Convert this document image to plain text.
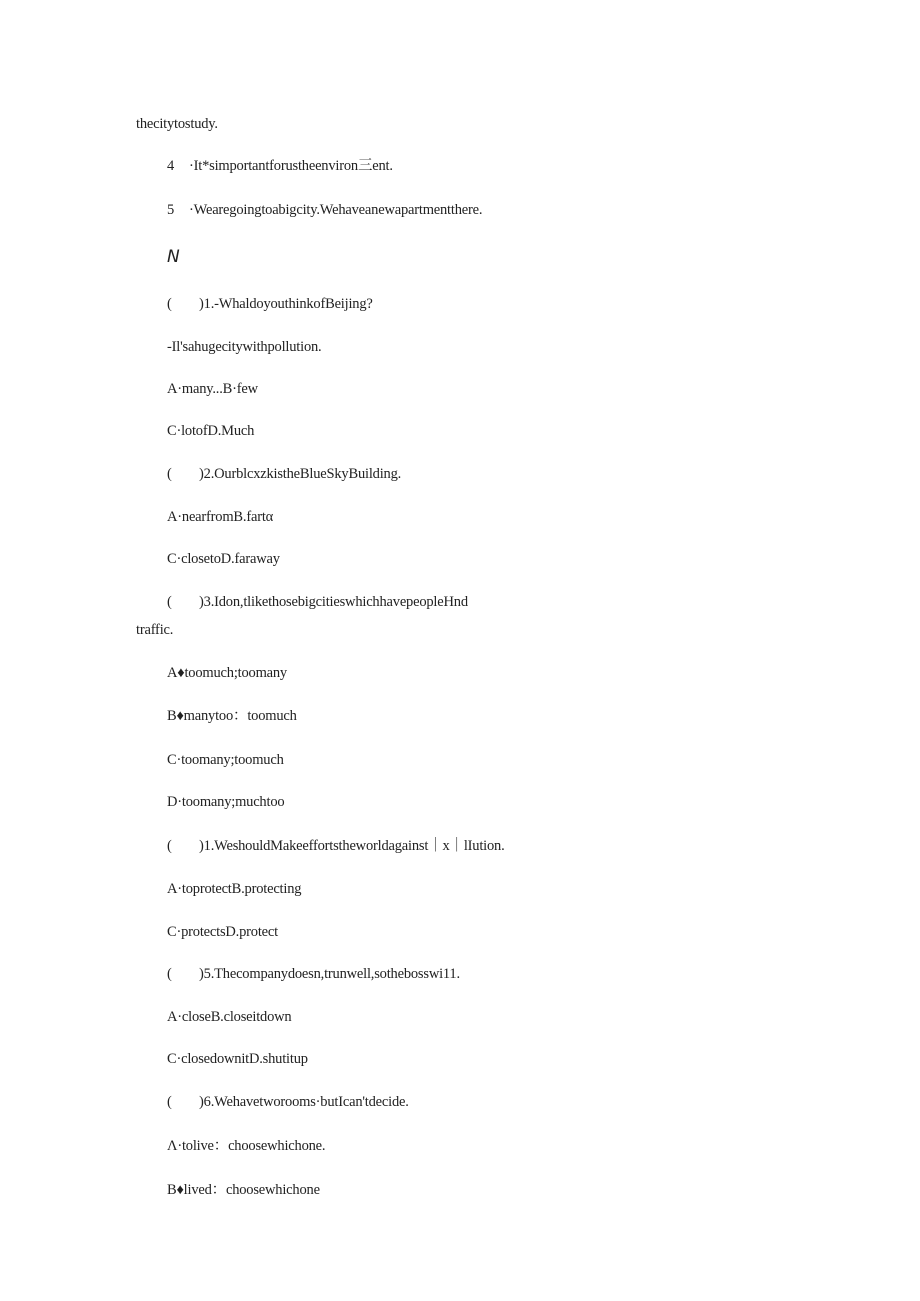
thecitytostudy.
4 ·It*simportantforustheenviron三ent.
5 ·Wearegoingtoabigcity.Wehaveanewapartmentthere.
Ν
(        )1.-WhaldoyouthinkofBeijing?
-Il'sahugecitywithpollution.
A·many...B·few
C·lotofD.Much
(        )2.OurblcxzkistheBlueSkyBuilding.
A·nearfromB.fartα
C·closetoD.faraway
(        )3.Idon,tlikethosebigcitieswhichhavepeopleHnd
traffic.
A♦toomuch;toomany
B♦manytoo：toomuch
C·toomany;toomuch
D·toomany;muchtoo
(        )1.WeshouldMakeeffortstheworldagainst｜x｜lIution.
A·toprotectB.protecting
C·protectsD.protect
(        )5.Thecompanydoesn,trunwell,sothebosswi11.
A·closeB.closeitdown
C·closedownitD.shutitup
(        )6.Wehavetworooms·butIcan'tdecide.
Λ·tolive：choosewhichone.
B♦lived：choosewhichone
